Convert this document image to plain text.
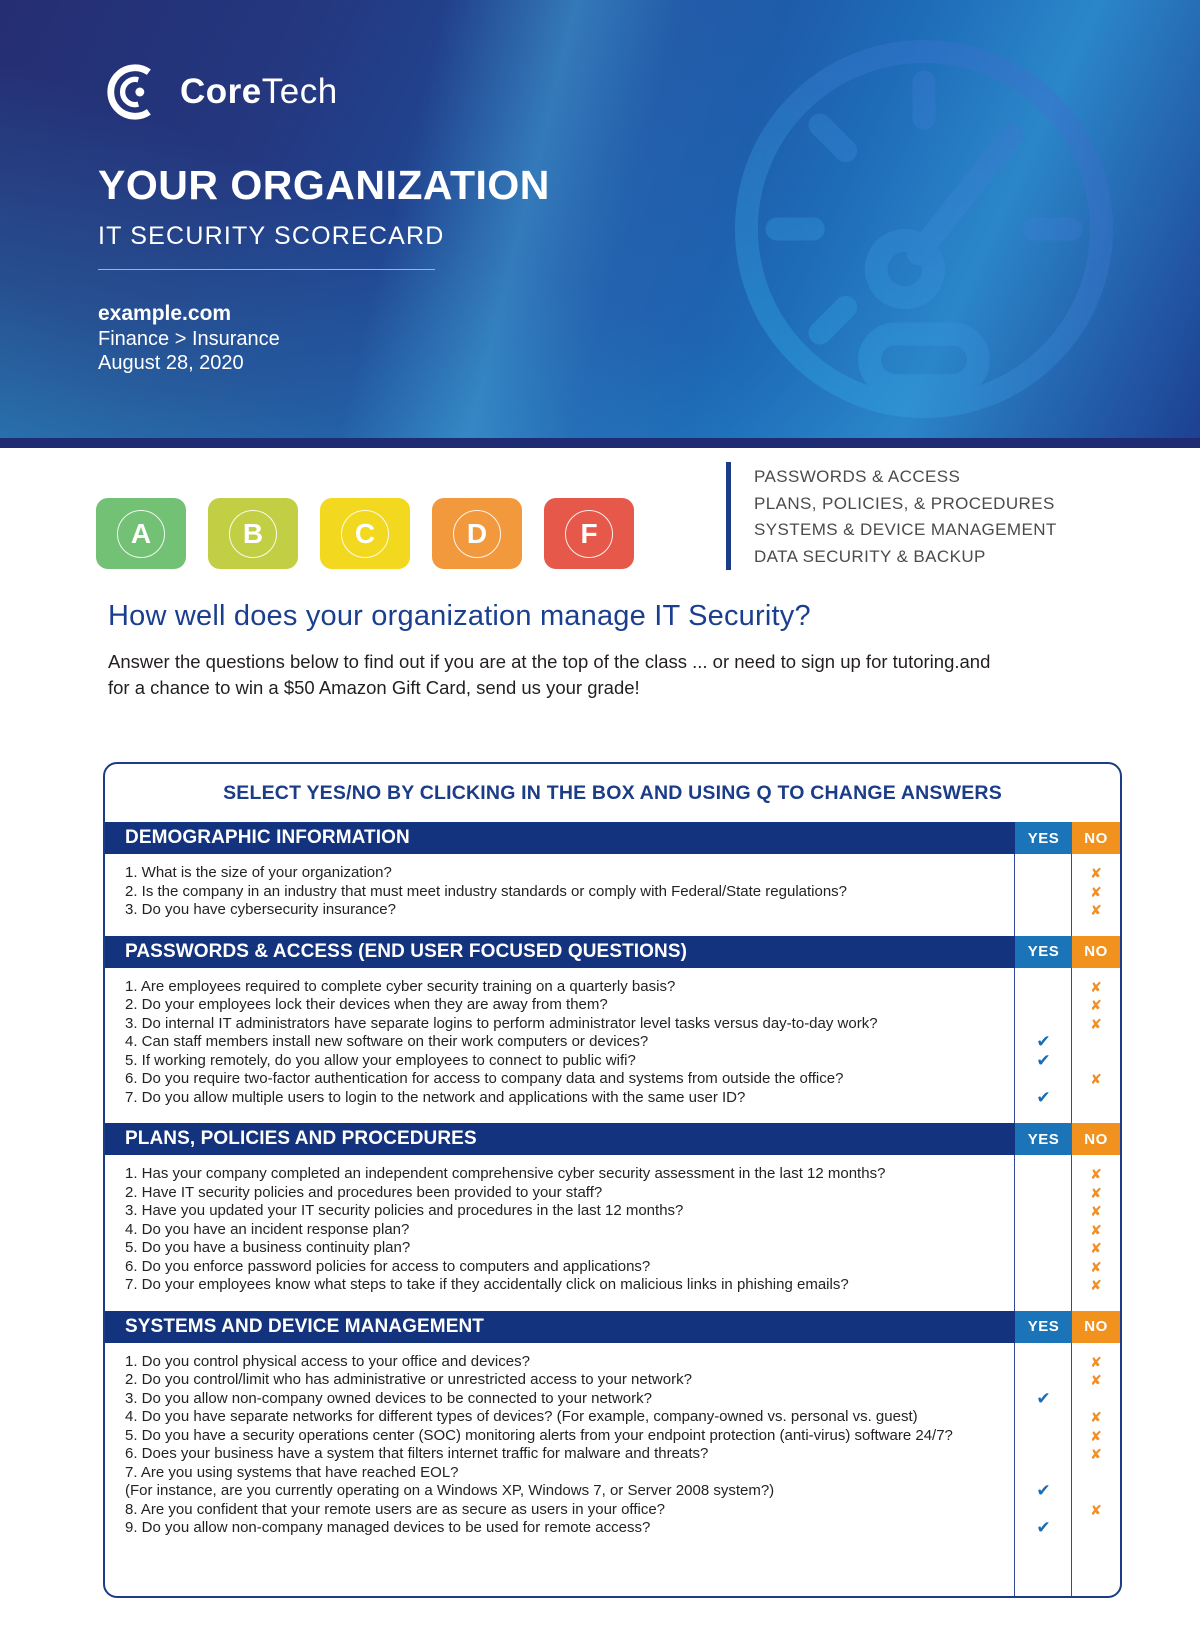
CoreTech
YOUR ORGANIZATION
IT SECURITY SCORECARD
example.com
Finance > Insurance
August 28, 2020
A	B	C	D	F
PASSWORDS & ACCESS
PLANS, POLICIES, & PROCEDURES
SYSTEMS & DEVICE MANAGEMENT
DATA SECURITY & BACKUP
How well does your organization manage IT Security?

Answer the questions below to find out if you are at the top of the class ... or need to sign up for tutoring.and for a chance to win a $50 Amazon Gift Card, send us your grade!

SELECT YES/NO BY CLICKING IN THE BOX AND USING Q TO CHANGE ANSWERS
DEMOGRAPHIC INFORMATION	YES	NO
1. What is the size of your organization?	✘
2. Is the company in an industry that must meet industry standards or comply with Federal/State regulations?	✘
3. Do you have cybersecurity insurance?	✘
PASSWORDS & ACCESS (END USER FOCUSED QUESTIONS)	YES	NO
1. Are employees required to complete cyber security training on a quarterly basis?	✘
2. Do your employees lock their devices when they are away from them?	✘
3. Do internal IT administrators have separate logins to perform administrator level tasks versus day-to-day work?	✘
4. Can staff members install new software on their work computers or devices?	✔
5. If working remotely, do you allow your employees to connect to public wifi?	✔
6. Do you require two-factor authentication for access to company data and systems from outside the office?	✘
7. Do you allow multiple users to login to the network and applications with the same user ID?	✔
PLANS, POLICIES AND PROCEDURES	YES	NO
1. Has your company completed an independent comprehensive cyber security assessment in the last 12 months?	✘
2. Have IT security policies and procedures been provided to your staff?	✘
3. Have you updated your IT security policies and procedures in the last 12 months?	✘
4. Do you have an incident response plan?	✘
5. Do you have a business continuity plan?	✘
6. Do you enforce password policies for access to computers and applications?	✘
7. Do your employees know what steps to take if they accidentally click on malicious links in phishing emails?	✘
SYSTEMS AND DEVICE MANAGEMENT	YES	NO
1. Do you control physical access to your office and devices?	✘
2. Do you control/limit who has administrative or unrestricted access to your network?	✘
3. Do you allow non-company owned devices to be connected to your network?	✔
4. Do you have separate networks for different types of devices? (For example, company-owned vs. personal vs. guest)	✘
5. Do you have a security operations center (SOC) monitoring alerts from your endpoint protection (anti-virus) software 24/7?	✘
6. Does your business have a system that filters internet traffic for malware and threats?	✘
7. Are you using systems that have reached EOL?
(For instance, are you currently operating on a Windows XP, Windows 7, or Server 2008 system?)	✔
8. Are you confident that your remote users are as secure as users in your office?	✘
9. Do you allow non-company managed devices to be used for remote access?	✔
